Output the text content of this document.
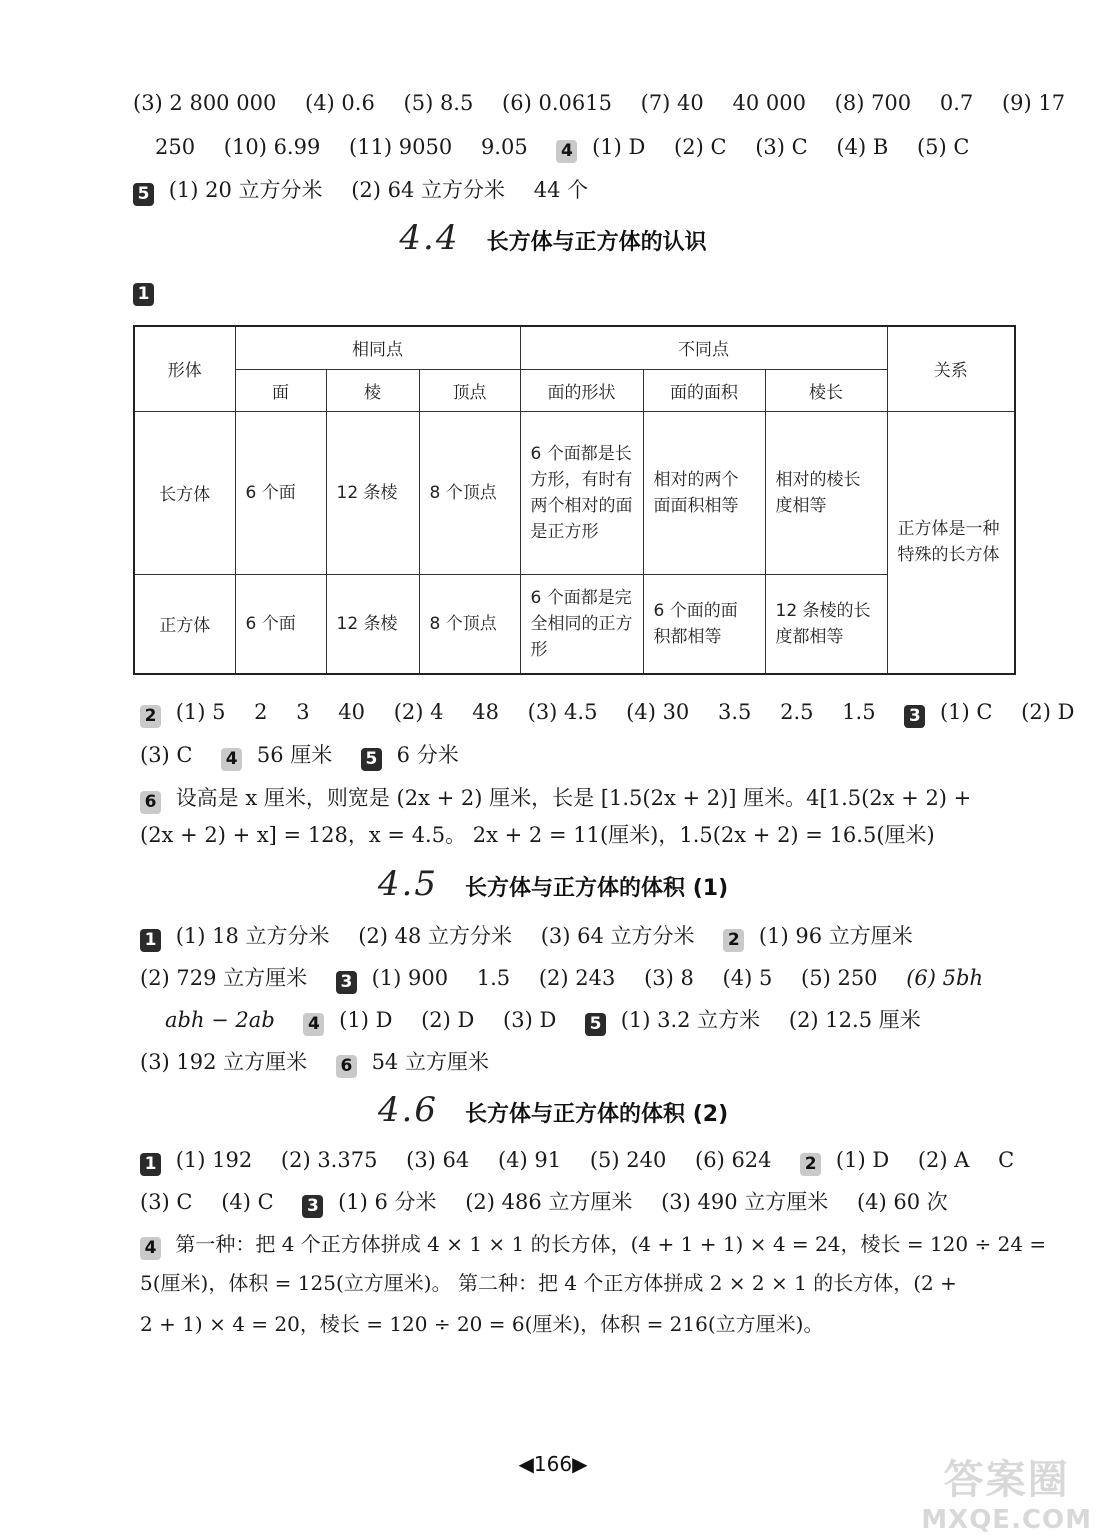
(3) 2 800 000 (4) 0.6 (5) 8.5 (6) 0.0615 (7) 40 40 000 (8) 700 0.7 (9) 17
250 (10) 6.99 (11) 9050 9.05 4 (1) D (2) C (3) C (4) B (5) C
5 (1) 20 立方分米 (2) 64 立方分米 44 个
4.4 长方体与正方体的认识
1
形体	相同点			不同点			关系
	面	棱	顶点	面的形状	面的面积	棱长	
长方体	6 个面	12 条棱	8 个顶点	6 个面都是长方形，有时有两个相对的面是正方形	相对的两个面面积相等	相对的棱长度相等	正方体是一种特殊的长方体
正方体	6 个面	12 条棱	8 个顶点	6 个面都是完全相同的正方形	6 个面的面积都相等	12 条棱的长度都相等	
2 (1) 5 2 3 40 (2) 4 48 (3) 4.5 (4) 30 3.5 2.5 1.5 3 (1) C (2) D
(3) C 4 56 厘米 5 6 分米
6 设高是 x 厘米，则宽是 (2x + 2) 厘米，长是 [1.5(2x + 2)] 厘米。4[1.5(2x + 2) +
(2x + 2) + x] = 128，x = 4.5。 2x + 2 = 11(厘米)，1.5(2x + 2) = 16.5(厘米)
4.5 长方体与正方体的体积 (1)
1 (1) 18 立方分米 (2) 48 立方分米 (3) 64 立方分米 2 (1) 96 立方厘米
(2) 729 立方厘米 3 (1) 900 1.5 (2) 243 (3) 8 (4) 5 (5) 250 (6) 5bh
abh − 2ab 4 (1) D (2) D (3) D 5 (1) 3.2 立方米 (2) 12.5 厘米
(3) 192 立方厘米 6 54 立方厘米
4.6 长方体与正方体的体积 (2)
1 (1) 192 (2) 3.375 (3) 64 (4) 91 (5) 240 (6) 624 2 (1) D (2) A C
(3) C (4) C 3 (1) 6 分米 (2) 486 立方厘米 (3) 490 立方厘米 (4) 60 次
4 第一种：把 4 个正方体拼成 4 × 1 × 1 的长方体，(4 + 1 + 1) × 4 = 24，棱长 = 120 ÷ 24 =
5(厘米)，体积 = 125(立方厘米)。 第二种：把 4 个正方体拼成 2 × 2 × 1 的长方体，(2 +
2 + 1) × 4 = 20，棱长 = 120 ÷ 20 = 6(厘米)，体积 = 216(立方厘米)。
◀166▶	答案圈
MXQE.COM
